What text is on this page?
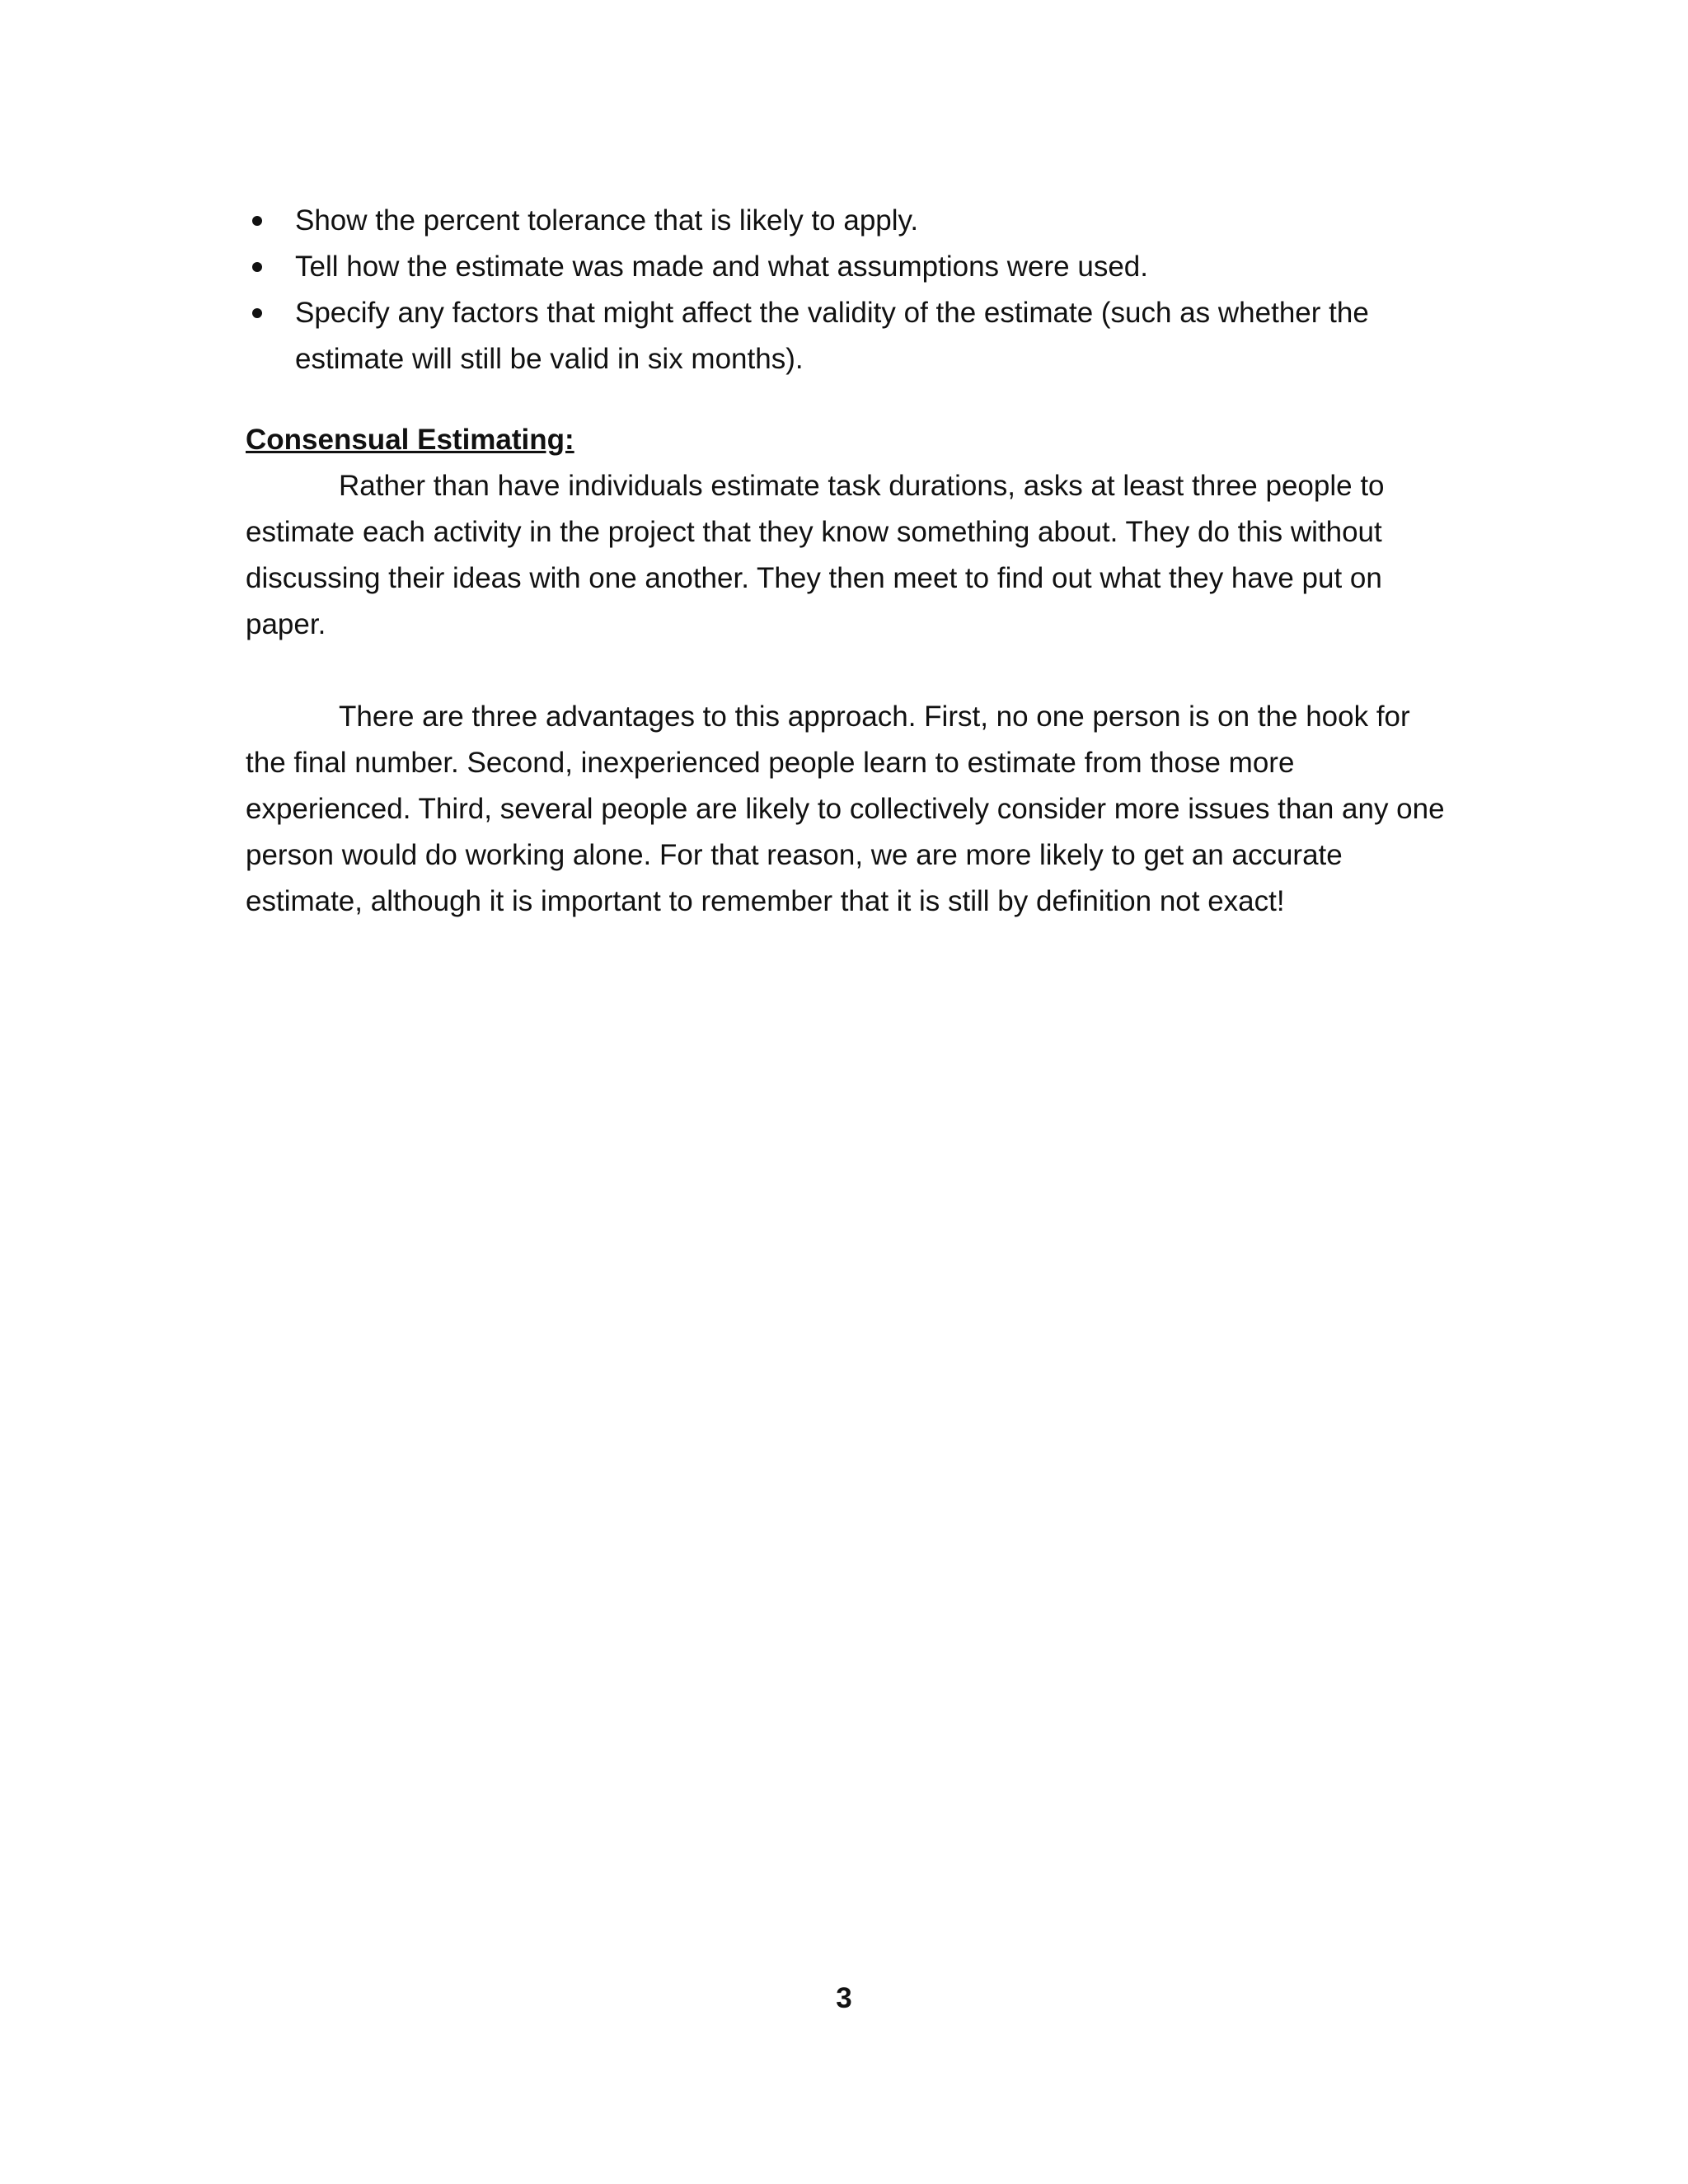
Show the percent tolerance that is likely to apply.
Tell how the estimate was made and what assumptions were used.
Specify any factors that might affect the validity of the estimate (such as whether the estimate will still be valid in six months).
Consensual Estimating:

Rather than have individuals estimate task durations, asks at least three people to estimate each activity in the project that they know something about. They do this without discussing their ideas with one another. They then meet to find out what they have put on paper.

There are three advantages to this approach. First, no one person is on the hook for the final number. Second, inexperienced people learn to estimate from those more experienced. Third, several people are likely to collectively consider more issues than any one person would do working alone. For that reason, we are more likely to get an accurate estimate, although it is important to remember that it is still by definition not exact!

3
